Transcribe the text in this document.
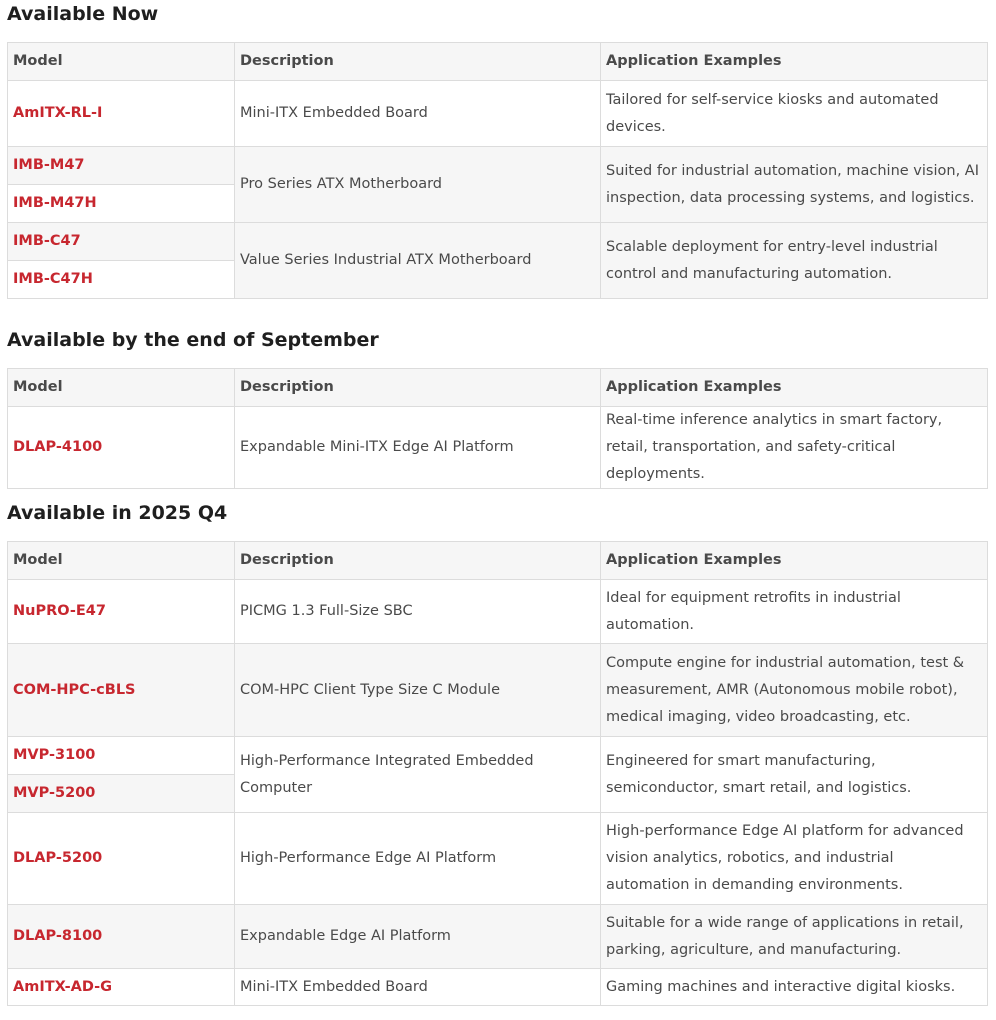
Available Now
Model	Description	Application Examples
AmITX-RL-I	Mini-ITX Embedded Board	Tailored for self-service kiosks and automated devices.
IMB-M47	Pro Series ATX Motherboard	Suited for industrial automation, machine vision, AI inspection, data processing systems, and logistics.
IMB-M47H		
IMB-C47	Value Series Industrial ATX Motherboard	Scalable deployment for entry-level industrial control and manufacturing automation.
IMB-C47H		
Available by the end of September
Model	Description	Application Examples
DLAP-4100	Expandable Mini-ITX Edge AI Platform	Real-time inference analytics in smart factory, retail, transportation, and safety-critical deployments.
Available in 2025 Q4
Model	Description	Application Examples
NuPRO-E47	PICMG 1.3 Full-Size SBC	Ideal for equipment retrofits in industrial automation.
COM-HPC-cBLS	COM-HPC Client Type Size C Module	Compute engine for industrial automation, test & measurement, AMR (Autonomous mobile robot), medical imaging, video broadcasting, etc.
MVP-3100	High-Performance Integrated Embedded Computer	Engineered for smart manufacturing, semiconductor, smart retail, and logistics.
MVP-5200		
DLAP-5200	High-Performance Edge AI Platform	High-performance Edge AI platform for advanced vision analytics, robotics, and industrial automation in demanding environments.
DLAP-8100	Expandable Edge AI Platform	Suitable for a wide range of applications in retail, parking, agriculture, and manufacturing.
AmITX-AD-G	Mini-ITX Embedded Board	Gaming machines and interactive digital kiosks.
